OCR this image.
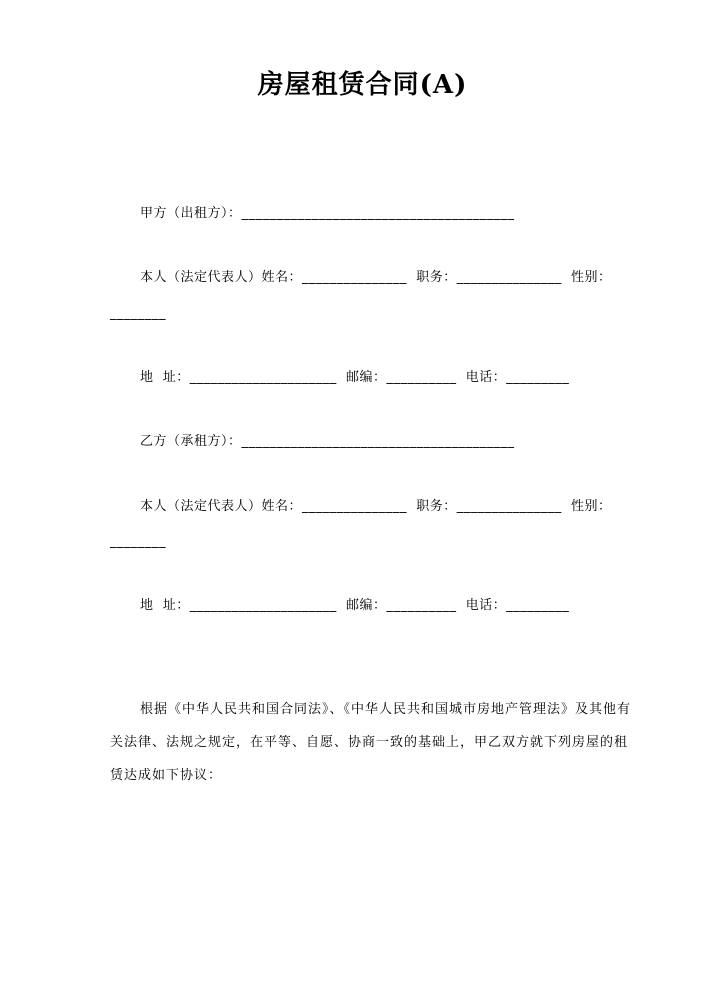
房屋租赁合同(A)
甲方（出租方）：_______________________________________
本人（法定代表人）姓名：_______________  职务：_______________  性别：
________
地  址：_____________________  邮编：__________  电话：_________
乙方（承租方）：_______________________________________
本人（法定代表人）姓名：_______________  职务：_______________  性别：
________
地  址：_____________________  邮编：__________  电话：_________
根据《中华人民共和国合同法》、《中华人民共和国城市房地产管理法》及其他有关法律、法规之规定，在平等、自愿、协商一致的基础上，甲乙双方就下列房屋的租赁达成如下协议：
